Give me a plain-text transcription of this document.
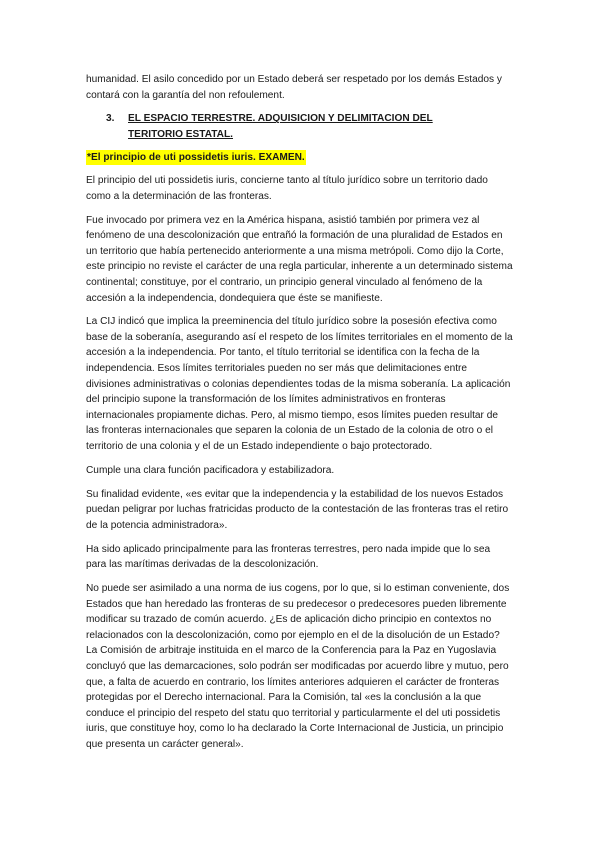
humanidad. El asilo concedido por un Estado deberá ser respetado por los demás Estados y contará con la garantía del non refoulement.

3.	EL ESPACIO TERRESTRE. ADQUISICION Y DELIMITACION DEL TERITORIO ESTATAL.
*El principio de uti possidetis iuris. EXAMEN.

El principio del uti possidetis iuris, concierne tanto al título jurídico sobre un territorio dado como a la determinación de las fronteras.

Fue invocado por primera vez en la América hispana, asistió también por primera vez al fenómeno de una descolonización que entrañó la formación de una pluralidad de Estados en un territorio que había pertenecido anteriormente a una misma metrópoli. Como dijo la Corte, este principio no reviste el carácter de una regla particular, inherente a un determinado sistema continental; constituye, por el contrario, un principio general vinculado al fenómeno de la accesión a la independencia, dondequiera que éste se manifieste.

La CIJ indicó que implica la preeminencia del título jurídico sobre la posesión efectiva como base de la soberanía, asegurando así el respeto de los límites territoriales en el momento de la accesión a la independencia. Por tanto, el título territorial se identifica con la fecha de la independencia. Esos límites territoriales pueden no ser más que delimitaciones entre divisiones administrativas o colonias dependientes todas de la misma soberanía. La aplicación del principio supone la transformación de los límites administrativos en fronteras internacionales propiamente dichas. Pero, al mismo tiempo, esos límites pueden resultar de las fronteras internacionales que separen la colonia de un Estado de la colonia de otro o el territorio de una colonia y el de un Estado independiente o bajo protectorado.

Cumple una clara función pacificadora y estabilizadora.

Su finalidad evidente, «es evitar que la independencia y la estabilidad de los nuevos Estados puedan peligrar por luchas fratricidas producto de la contestación de las fronteras tras el retiro de la potencia administradora».

Ha sido aplicado principalmente para las fronteras terrestres, pero nada impide que lo sea para las marítimas derivadas de la descolonización.

No puede ser asimilado a una norma de ius cogens, por lo que, si lo estiman conveniente, dos Estados que han heredado las fronteras de su predecesor o predecesores pueden libremente modificar su trazado de común acuerdo. ¿Es de aplicación dicho principio en contextos no relacionados con la descolonización, como por ejemplo en el de la disolución de un Estado? La Comisión de arbitraje instituida en el marco de la Conferencia para la Paz en Yugoslavia concluyó que las demarcaciones, solo podrán ser modificadas por acuerdo libre y mutuo, pero que, a falta de acuerdo en contrario, los límites anteriores adquieren el carácter de fronteras protegidas por el Derecho internacional. Para la Comisión, tal «es la conclusión a la que conduce el principio del respeto del statu quo territorial y particularmente el del uti possidetis iuris, que constituye hoy, como lo ha declarado la Corte Internacional de Justicia, un principio que presenta un carácter general».
